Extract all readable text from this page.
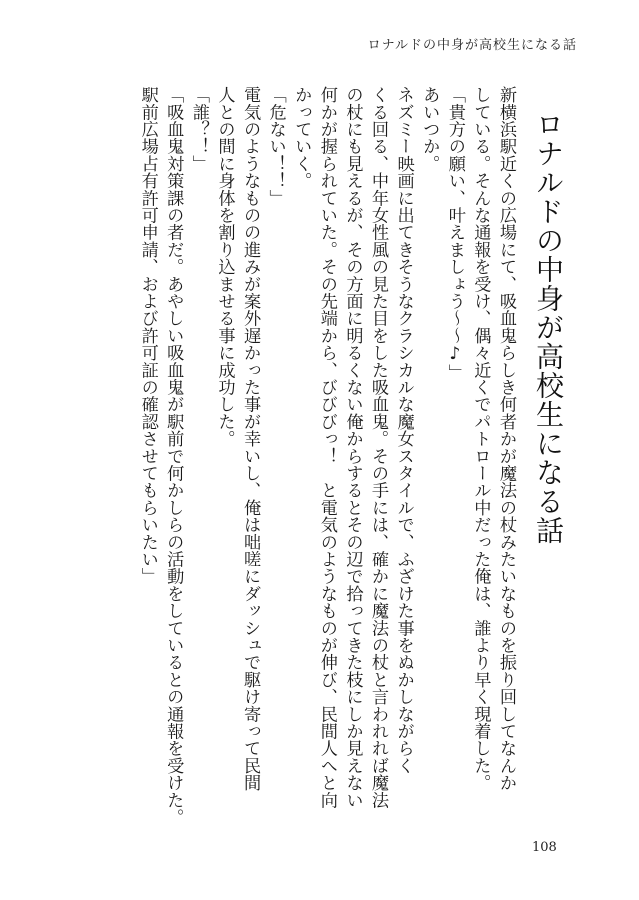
ロナルドの中身が高校生になる話
ロナルドの中身が高校生になる話

新横浜駅近くの広場にて、吸血鬼らしき何者かが魔法の杖みたいなものを振り回してなんか

している。そんな通報を受け、偶々近くでパトロール中だった俺は、誰より早く現着した。

「貴方の願い、叶えましょう〜〜♪」

あいつか。

ネズミー映画に出てきそうなクラシカルな魔女スタイルで、ふざけた事をぬかしながらく

くる回る、中年女性風の見た目をした吸血鬼。その手には、確かに魔法の杖と言われれば魔法

の杖にも見えるが、その方面に明るくない俺からするとその辺で拾ってきた枝にしか見えない

何かが握られていた。その先端から、びびびっ！　と電気のようなものが伸び、民間人へと向

かっていく。

「危ない！！」

電気のようなものの進みが案外遅かった事が幸いし、俺は咄嗟にダッシュで駆け寄って民間

人との間に身体を割り込ませる事に成功した。

「誰？！」

「吸血鬼対策課の者だ。あやしい吸血鬼が駅前で何かしらの活動をしているとの通報を受けた。

駅前広場占有許可申請、および許可証の確認させてもらいたい」

108
